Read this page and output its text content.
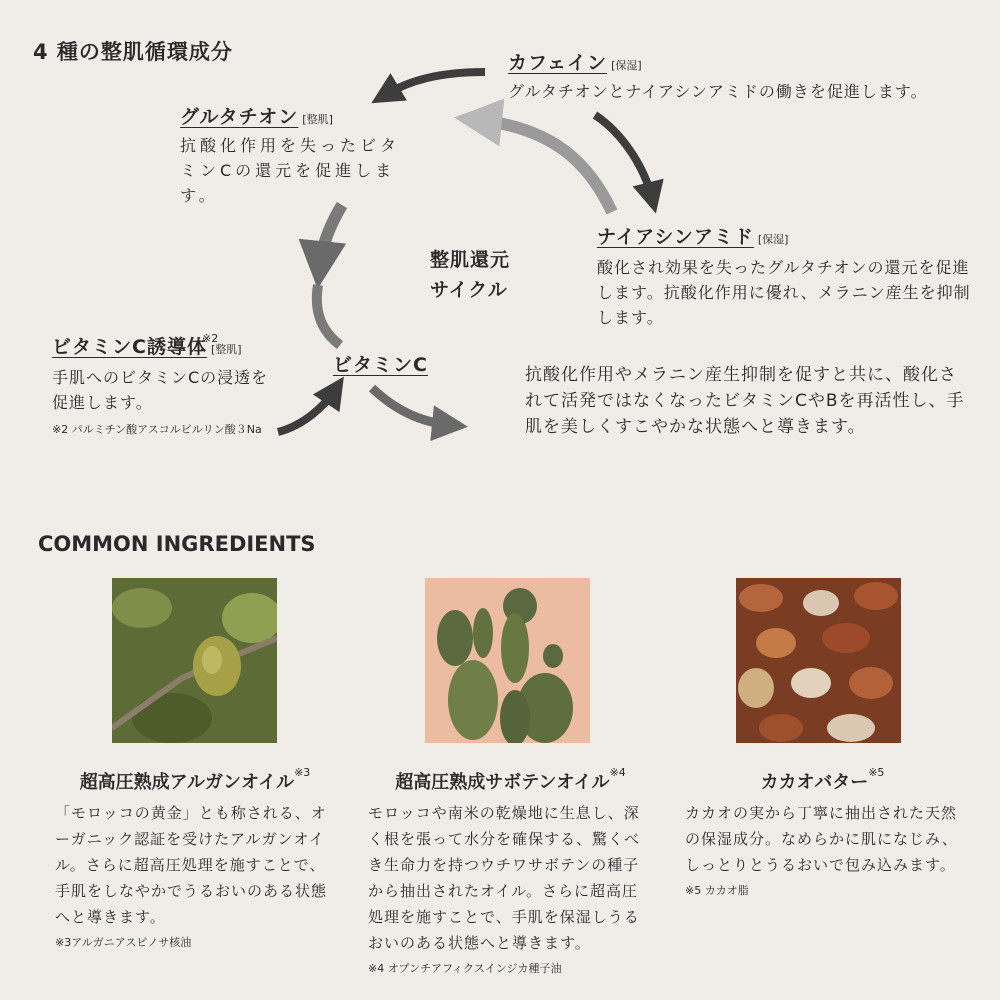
4 種の整肌循環成分	カフェイン [保湿]
グルタチオンとナイアシンアミドの働きを促進します。
グルタチオン [整肌]
抗酸化作用を失ったビタミンCの還元を促進します。
ナイアシンアミド [保湿]
酸化され効果を失ったグルタチオンの還元を促進します。抗酸化作用に優れ、メラニン産生を抑制します。
整肌還元
サイクル
ビタミンC誘導体 [整肌]
※2
手肌へのビタミンCの浸透を促進します。
※2 パルミチン酸アスコルビルリン酸３Na
ビタミンC	抗酸化作用やメラニン産生抑制を促すと共に、酸化されて活発ではなくなったビタミンCやBを再活性し、手肌を美しくすこやかな状態へと導きます。
COMMON INGREDIENTS
超高圧熟成アルガンオイル$^{※3}$
「モロッコの黄金」とも称される、オーガニック認証を受けたアルガンオイル。さらに超高圧処理を施すことで、手肌をしなやかでうるおいのある状態へと導きます。
※3アルガニアスピノサ核油
超高圧熟成サボテンオイル$^{※4}$
モロッコや南米の乾燥地に生息し、深く根を張って水分を確保する、驚くべき生命力を持つウチワサボテンの種子から抽出されたオイル。さらに超高圧処理を施すことで、手肌を保湿しうるおいのある状態へと導きます。
※4 オプンチアフィクスインジカ種子油
カカオバター$^{※5}$
カカオの実から丁寧に抽出された天然の保湿成分。なめらかに肌になじみ、しっとりとうるおいで包み込みます。
※5 カカオ脂
